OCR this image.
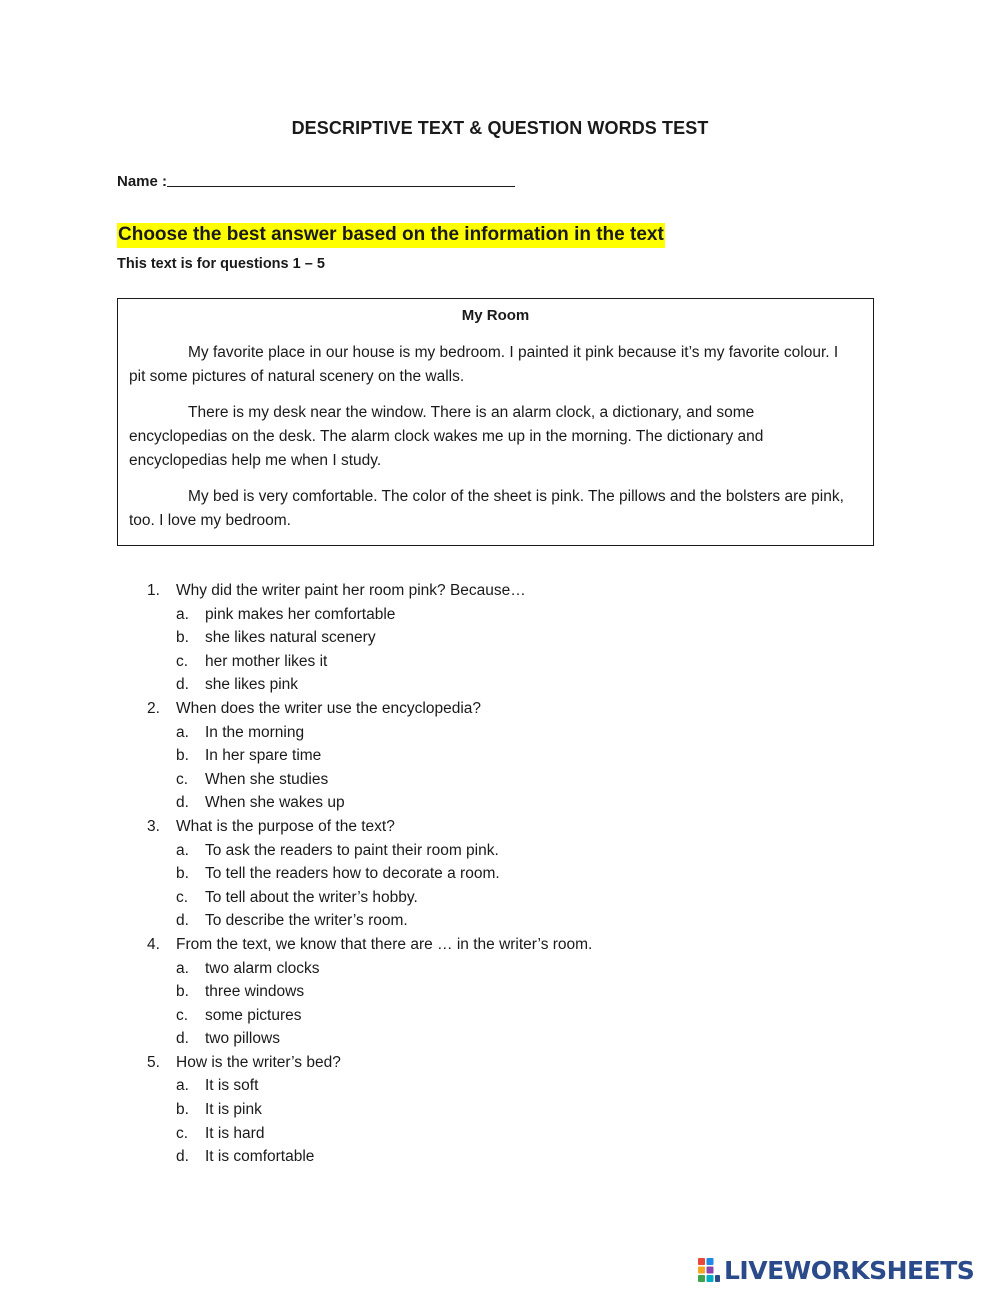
DESCRIPTIVE TEXT & QUESTION WORDS TEST
Name :
Choose the best answer based on the information in the text
This text is for questions 1 – 5
My Room

My favorite place in our house is my bedroom. I painted it pink because it’s my favorite colour. I pit some pictures of natural scenery on the walls.

There is my desk near the window. There is an alarm clock, a dictionary, and some encyclopedias on the desk. The alarm clock wakes me up in the morning. The dictionary and encyclopedias help me when I study.

My bed is very comfortable. The color of the sheet is pink. The pillows and the bolsters are pink, too. I love my bedroom.

1.	Why did the writer paint her room pink? Because…
a. pink makes her comfortable
b. she likes natural scenery
c. her mother likes it
d. she likes pink
2.	When does the writer use the encyclopedia?
a. In the morning
b. In her spare time
c. When she studies
d. When she wakes up
3.	What is the purpose of the text?
a. To ask the readers to paint their room pink.
b. To tell the readers how to decorate a room.
c. To tell about the writer’s hobby.
d. To describe the writer’s room.
4.	From the text, we know that there are … in the writer’s room.
a. two alarm clocks
b. three windows
c. some pictures
d. two pillows
5.	How is the writer’s bed?
a. It is soft
b. It is pink
c. It is hard
d. It is comfortable
LIVEWORKSHEETS
